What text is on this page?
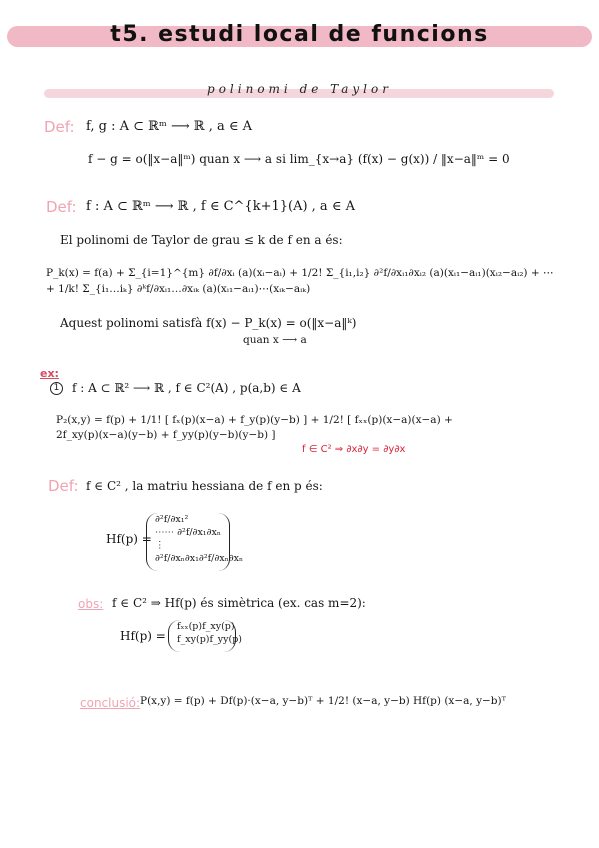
t5. estudi local de funcions
polinomi de Taylor
Def: f, g : A ⊂ ℝᵐ ⟶ ℝ , a ∈ A
f − g = o(‖x−a‖ᵐ) quan x ⟶ a si lim_{x→a} (f(x) − g(x)) / ‖x−a‖ᵐ = 0
Def: f : A ⊂ ℝᵐ ⟶ ℝ , f ∈ C^{k+1}(A) , a ∈ A
El polinomi de Taylor de grau ≤ k de f en a és:
P_k(x) = f(a) + Σ_{i=1}^{m} ∂f/∂xᵢ (a)(xᵢ−aᵢ) + 1/2! Σ_{i₁,i₂} ∂²f/∂xᵢ₁∂xᵢ₂ (a)(xᵢ₁−aᵢ₁)(xᵢ₂−aᵢ₂) + ⋯ + 1/k! Σ_{i₁…iₖ} ∂ᵏf/∂xᵢ₁…∂xᵢₖ (a)(xᵢ₁−aᵢ₁)⋯(xᵢₖ−aᵢₖ)
Aquest polinomi satisfà f(x) − P_k(x) = o(‖x−a‖ᵏ)
quan x ⟶ a
ex:
1	f : A ⊂ ℝ² ⟶ ℝ , f ∈ C²(A) , p(a,b) ∈ A
P₂(x,y) = f(p) + 1/1! [ fₓ(p)(x−a) + f_y(p)(y−b) ] + 1/2! [ fₓₓ(p)(x−a)(x−a) + 2f_xy(p)(x−a)(y−b) + f_yy(p)(y−b)(y−b) ]
f ∈ C² ⇒ ∂x∂y = ∂y∂x
Def: f ∈ C² , la matriu hessiana de f en p és:
Hf(p) =
∂²f/∂x₁²
⋯⋯ ∂²f/∂x₁∂xₙ
⋮
∂²f/∂xₙ∂x₁ ∂²f/∂xₙ∂xₙ
obs: f ∈ C² ⇒ Hf(p) és simètrica (ex. cas m=2):
Hf(p) =
fₓₓ(p) f_xy(p)
f_xy(p) f_yy(p)
conclusió: P(x,y) = f(p) + Df(p)·(x−a, y−b)ᵀ + 1/2! (x−a, y−b) Hf(p) (x−a, y−b)ᵀ
